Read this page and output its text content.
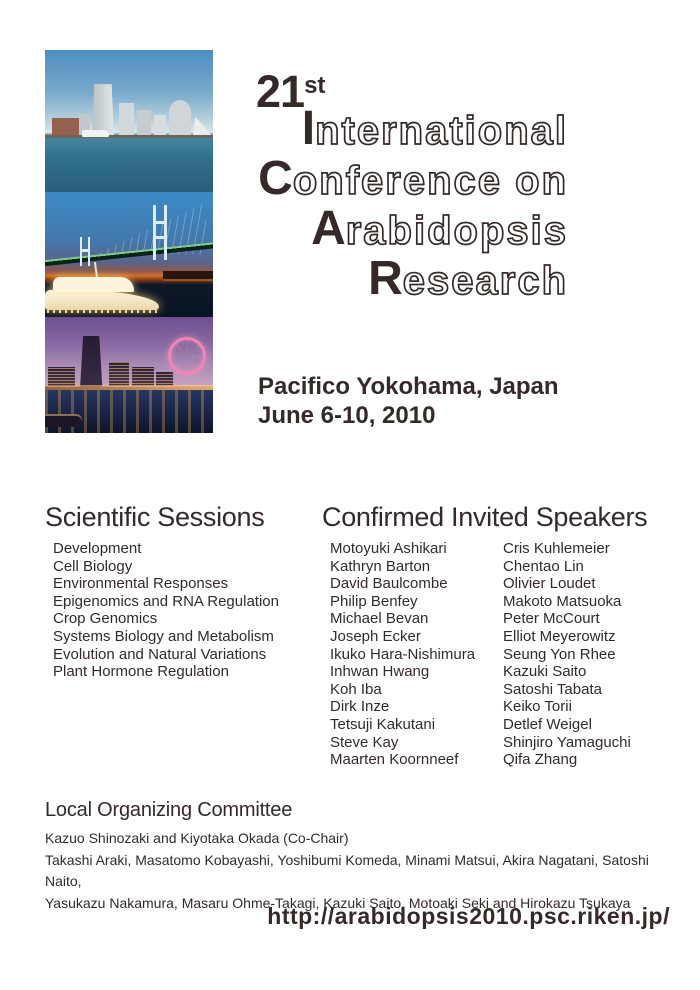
21st
International
Conference on
Arabidopsis
Research
Pacifico Yokohama, Japan
June 6-10, 2010
Scientific Sessions
Development
Cell Biology
Environmental Responses
Epigenomics and RNA Regulation
Crop Genomics
Systems Biology and Metabolism
Evolution and Natural Variations
Plant Hormone Regulation
Confirmed Invited Speakers
Motoyuki Ashikari
Kathryn Barton
David Baulcombe
Philip Benfey
Michael Bevan
Joseph Ecker
Ikuko Hara-Nishimura
Inhwan Hwang
Koh Iba
Dirk Inze
Tetsuji Kakutani
Steve Kay
Maarten Koornneef
Cris Kuhlemeier
Chentao Lin
Olivier Loudet
Makoto Matsuoka
Peter McCourt
Elliot Meyerowitz
Seung Yon Rhee
Kazuki Saito
Satoshi Tabata
Keiko Torii
Detlef Weigel
Shinjiro Yamaguchi
Qifa Zhang
Local Organizing Committee
Kazuo Shinozaki and Kiyotaka Okada (Co-Chair)
Takashi Araki, Masatomo Kobayashi, Yoshibumi Komeda, Minami Matsui, Akira Nagatani, Satoshi Naito,
Yasukazu Nakamura, Masaru Ohme-Takagi, Kazuki Saito, Motoaki Seki and Hirokazu Tsukaya
http://arabidopsis2010.psc.riken.jp/
